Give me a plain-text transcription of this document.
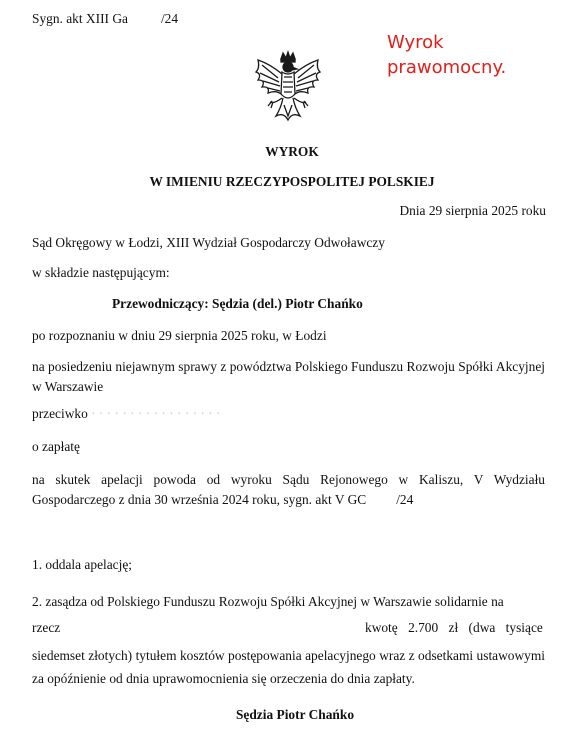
Sygn. akt XIII Ga /24
Wyrok prawomocny.
WYROK
W IMIENIU RZECZYPOSPOLITEJ POLSKIEJ
Dnia 29 sierpnia 2025 roku
Sąd Okręgowy w Łodzi, XIII Wydział Gospodarczy Odwoławczy
w składzie następującym:
Przewodniczący: Sędzia (del.) Piotr Chańko
po rozpoznaniu w dniu 29 sierpnia 2025 roku, w Łodzi
na posiedzeniu niejawnym sprawy z powództwa Polskiego Funduszu Rozwoju Spółki Akcyjnej w Warszawie
przeciwko · · · · · · · · · · · · · · · · ·
o zapłatę
na skutek apelacji powoda od wyroku Sądu Rejonowego w Kaliszu, V Wydziału Gospodarczego z dnia 30 września 2024 roku, sygn. akt V GC /24
1. oddala apelację;
2. zasądza od Polskiego Funduszu Rozwoju Spółki Akcyjnej w Warszawie solidarnie na
rzecz	kwotę 2.700 zł (dwa tysiące
siedemset złotych) tytułem kosztów postępowania apelacyjnego wraz z odsetkami ustawowymi za opóźnienie od dnia uprawomocnienia się orzeczenia do dnia zapłaty.
Sędzia Piotr Chańko
